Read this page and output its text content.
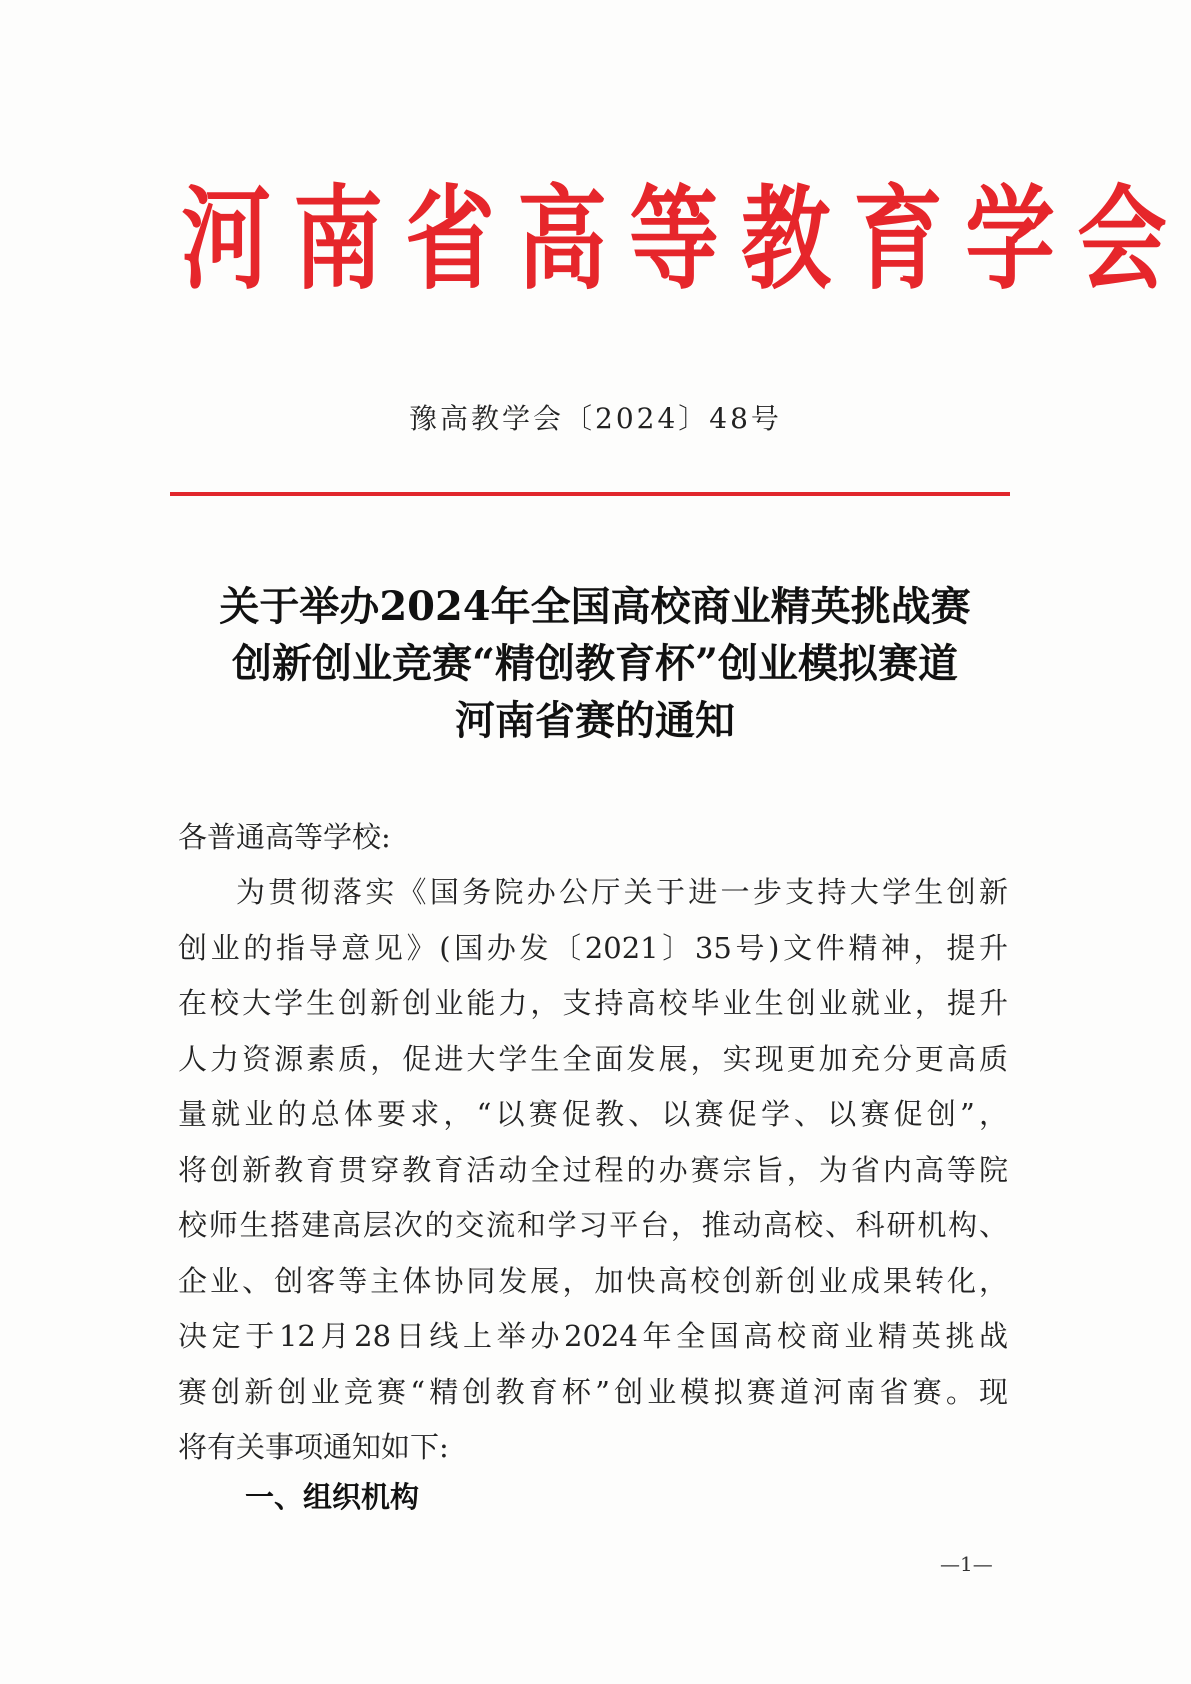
河 南 省 高 等 教 育 学 会
豫高教学会〔2024〕48号
关于举办2024年全国高校商业精英挑战赛
创新创业竞赛“精创教育杯”创业模拟赛道
河南省赛的通知
各普通高等学校:
为贯彻落实《国务院办公厅关于进一步支持大学生创新
创业的指导意见》(国办发〔2021〕35号)文件精神，提升
在校大学生创新创业能力，支持高校毕业生创业就业，提升
人力资源素质，促进大学生全面发展，实现更加充分更高质
量就业的总体要求，“以赛促教、以赛促学、以赛促创”，
将创新教育贯穿教育活动全过程的办赛宗旨，为省内高等院
校师生搭建高层次的交流和学习平台，推动高校、科研机构、
企业、创客等主体协同发展，加快高校创新创业成果转化，
决定于12月28日线上举办2024年全国高校商业精英挑战
赛创新创业竞赛“精创教育杯”创业模拟赛道河南省赛。现
将有关事项通知如下:
一、组织机构
—1—
